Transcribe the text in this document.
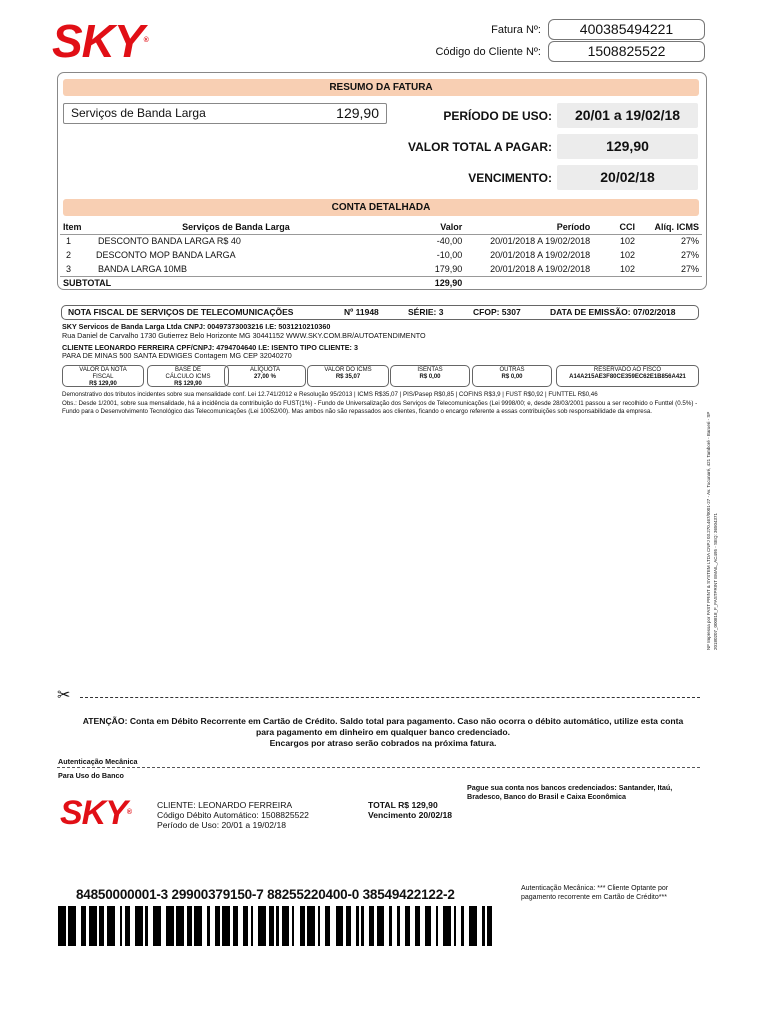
SKY®
Fatura Nº:	400385494221
Código do Cliente Nº:	1508825522
RESUMO DA FATURA
Serviços de Banda Larga	129,90	PERÍODO DE USO:	20/01 a 19/02/18
VALOR TOTAL A PAGAR:	129,90
VENCIMENTO:	20/02/18
CONTA DETALHADA
Item	Serviços de Banda Larga	Valor	Período	CCI	Alíq. ICMS
1	DESCONTO BANDA LARGA R$ 40	-40,00	20/01/2018 A 19/02/2018	102	27%
2	DESCONTO MOP BANDA LARGA	-10,00	20/01/2018 A 19/02/2018	102	27%
3	BANDA LARGA 10MB	179,90	20/01/2018 A 19/02/2018	102	27%
SUBTOTAL		129,90			
NOTA FISCAL DE SERVIÇOS DE TELECOMUNICAÇÕES	Nº 11948	SÉRIE: 3	CFOP: 5307	DATA DE EMISSÃO: 07/02/2018
SKY Servicos de Banda Larga Ltda CNPJ: 00497373003216 I.E: 5031210210360
Rua Daniel de Carvalho 1730 Gutierrez Belo Horizonte MG 30441152 WWW.SKY.COM.BR/AUTOATENDIMENTO
CLIENTE LEONARDO FERREIRA CPF/CNPJ: 4794704640 I.E: ISENTO TIPO CLIENTE: 3
PARA DE MINAS 500 SANTA EDWIGES Contagem MG CEP 32040270
VALOR DA NOTA FISCAL
R$ 129,90
BASE DE CÁLCULO ICMS
R$ 129,90
ALÍQUOTA
27,00 %
VALOR DO ICMS
R$ 35,07
ISENTAS
R$ 0,00
OUTRAS
R$ 0,00
RESERVADO AO FISCO
A14A215AE3F80CE359EC62E1B856A421
Demonstrativo dos tributos incidentes sobre sua mensalidade conf. Lei 12.741/2012 e Resolução 95/2013 | ICMS R$35,07 | PIS/Pasep R$0,85 | COFINS R$3,9 | FUST R$0,92 | FUNTTEL R$0,46
Obs.: Desde 1/2001, sobre sua mensalidade, há a incidência da contribuição do FUST(1%) - Fundo de Universalização dos Serviços de Telecomunicações (Lei 9998/00; e, desde 28/03/2001 passou a ser recolhido o Funttel (0.5%) - Fundo para o Desenvolvimento Tecnológico das Telecomunicações (Lei 10052/00). Mas ambos não são repassados aos clientes, ficando o encargo referente a essas contribuições sob responsabilidade da empresa.
NF Impressa por FAST PRINT & SYSTEM LTDA CNPJ 03.270.467/0001-27 - Av. Tucunaré, 421 Tamboré - Barueri - SP 20180207_000818_F_FASTPRINT EMAIL_AC495 - SEQ: 36504371
✂
ATENÇÃO: Conta em Débito Recorrente em Cartão de Crédito. Saldo total para pagamento. Caso não ocorra o débito automático, utilize esta conta
para pagamento em dinheiro em qualquer banco credenciado.
Encargos por atraso serão cobrados na próxima fatura.
Autenticação Mecânica
Para Uso do Banco
Pague sua conta nos bancos credenciados: Santander, Itaú, Bradesco, Banco do Brasil e Caixa Econômica
SKY®
CLIENTE: LEONARDO FERREIRA
Código Débito Automático: 1508825522
Período de Uso: 20/01 a 19/02/18
TOTAL R$ 129,90
Vencimento 20/02/18
84850000001-3 29900379150-7 88255220400-0 38549422122-2	Autenticação Mecânica: *** Cliente Optante por pagamento recorrente em Cartão de Crédito***
